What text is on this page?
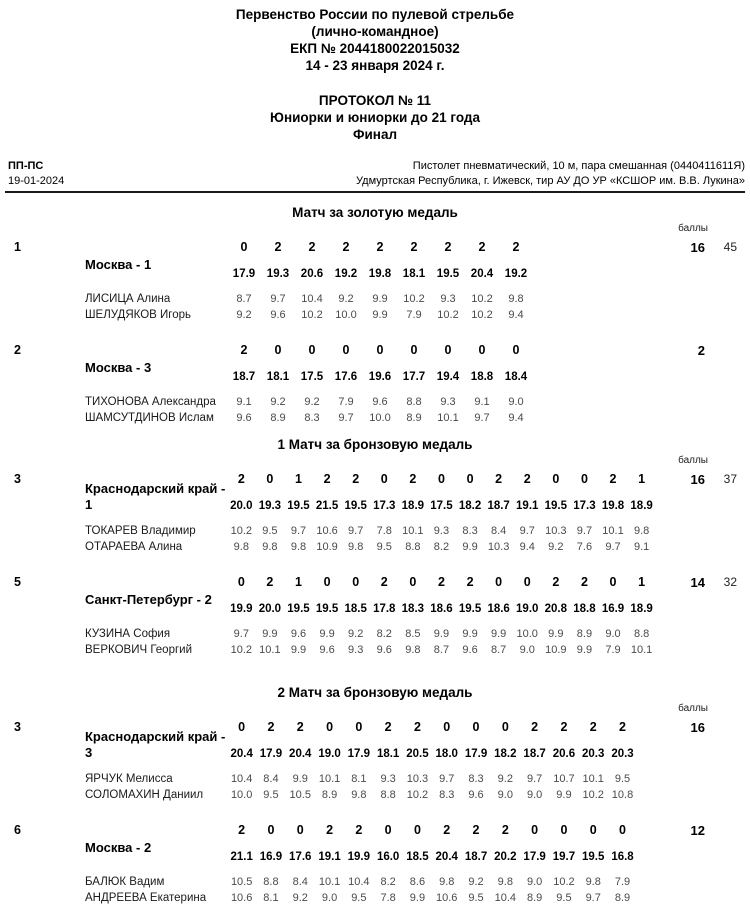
Первенство России по пулевой стрельбе
(лично-командное)
ЕКП № 2044180022015032
14 - 23 января 2024 г.
ПРОТОКОЛ № 11
Юниорки и юниорки до 21 года
Финал
ПП-ПС
19-01-2024
Пистолет пневматический, 10 м, пара смешанная (0440411611Я)
Удмуртская Республика, г. Ижевск, тир АУ ДО УР «КСШОР им. В.В. Лукина»
Матч за золотую медаль
баллы
Москва - 1
1	0	2	2	2	2	2	2	2	2	16	45
17.9	19.3	20.6	19.2	19.8	18.1	19.5	20.4	19.2
ЛИСИЦА Алина	8.7	9.7	10.4	9.2	9.9	10.2	9.3	10.2	9.8
ШЕЛУДЯКОВ Игорь	9.2	9.6	10.2	10.0	9.9	7.9	10.2	10.2	9.4
Москва - 3
2	2	0	0	0	0	0	0	0	0	2
18.7	18.1	17.5	17.6	19.6	17.7	19.4	18.8	18.4
ТИХОНОВА Александра	9.1	9.2	9.2	7.9	9.6	8.8	9.3	9.1	9.0
ШАМСУТДИНОВ Ислам	9.6	8.9	8.3	9.7	10.0	8.9	10.1	9.7	9.4
1 Матч за бронзовую медаль
баллы
Краснодарский край - 1
3	2	0	1	2	2	0	2	0	0	2	2	0	0	2	1	16	37
20.0 19.3 19.5 21.5 19.5 17.3 18.9 17.5 18.2 18.7 19.1 19.5 17.3 19.8 18.9
ТОКАРЕВ Владимир	10.2 9.5	9.7 10.6 9.7	7.8 10.1 9.3	8.3	8.4	9.7 10.3 9.7 10.1 9.8
ОТАРАЕВА Алина	9.8	9.8	9.8 10.9 9.8	9.5	8.8	8.2	9.9 10.3 9.4	9.2	7.6	9.7	9.1
Санкт-Петербург - 2
5	0	2	1	0	0	2	0	2	2	0	0	2	2	0	1	14	32
19.9 20.0 19.5 19.5 18.5 17.8 18.3 18.6 19.5 18.6 19.0 20.8 18.8 16.9 18.9
КУЗИНА София	9.7	9.9	9.6	9.9	9.2	8.2	8.5	9.9	9.9	9.9 10.0 9.9	8.9	9.0	8.8
ВЕРКОВИЧ Георгий	10.2 10.1 9.9	9.6	9.3	9.6	9.8	8.7	9.6	8.7	9.0 10.9 9.9	7.9 10.1
2 Матч за бронзовую медаль
баллы
Краснодарский край - 3
3	0	2	2	0	0	2	2	0	0	0	2	2	2	2	16
20.4 17.9 20.4 19.0 17.9 18.1 20.5 18.0 17.9 18.2 18.7 20.6 20.3 20.3
ЯРЧУК Мелисса	10.4 8.4	9.9 10.1 8.1	9.3 10.3 9.7	8.3	9.2	9.7 10.7 10.1 9.5
СОЛОМАХИН Даниил	10.0 9.5 10.5 8.9	9.8	8.8 10.2 8.3	9.6	9.0	9.0	9.9 10.2 10.8
Москва - 2
6	2	0	0	2	2	0	0	2	2	2	0	0	0	0	12
21.1 16.9 17.6 19.1 19.9 16.0 18.5 20.4 18.7 20.2 17.9 19.7 19.5 16.8
БАЛЮК Вадим	10.5 8.8	8.4 10.1 10.4 8.2	8.6	9.8	9.2	9.8	9.0 10.2 9.8	7.9
АНДРЕЕВА Екатерина	10.6 8.1	9.2	9.0	9.5	7.8	9.9 10.6 9.5 10.4 8.9	9.5	9.7	8.9
